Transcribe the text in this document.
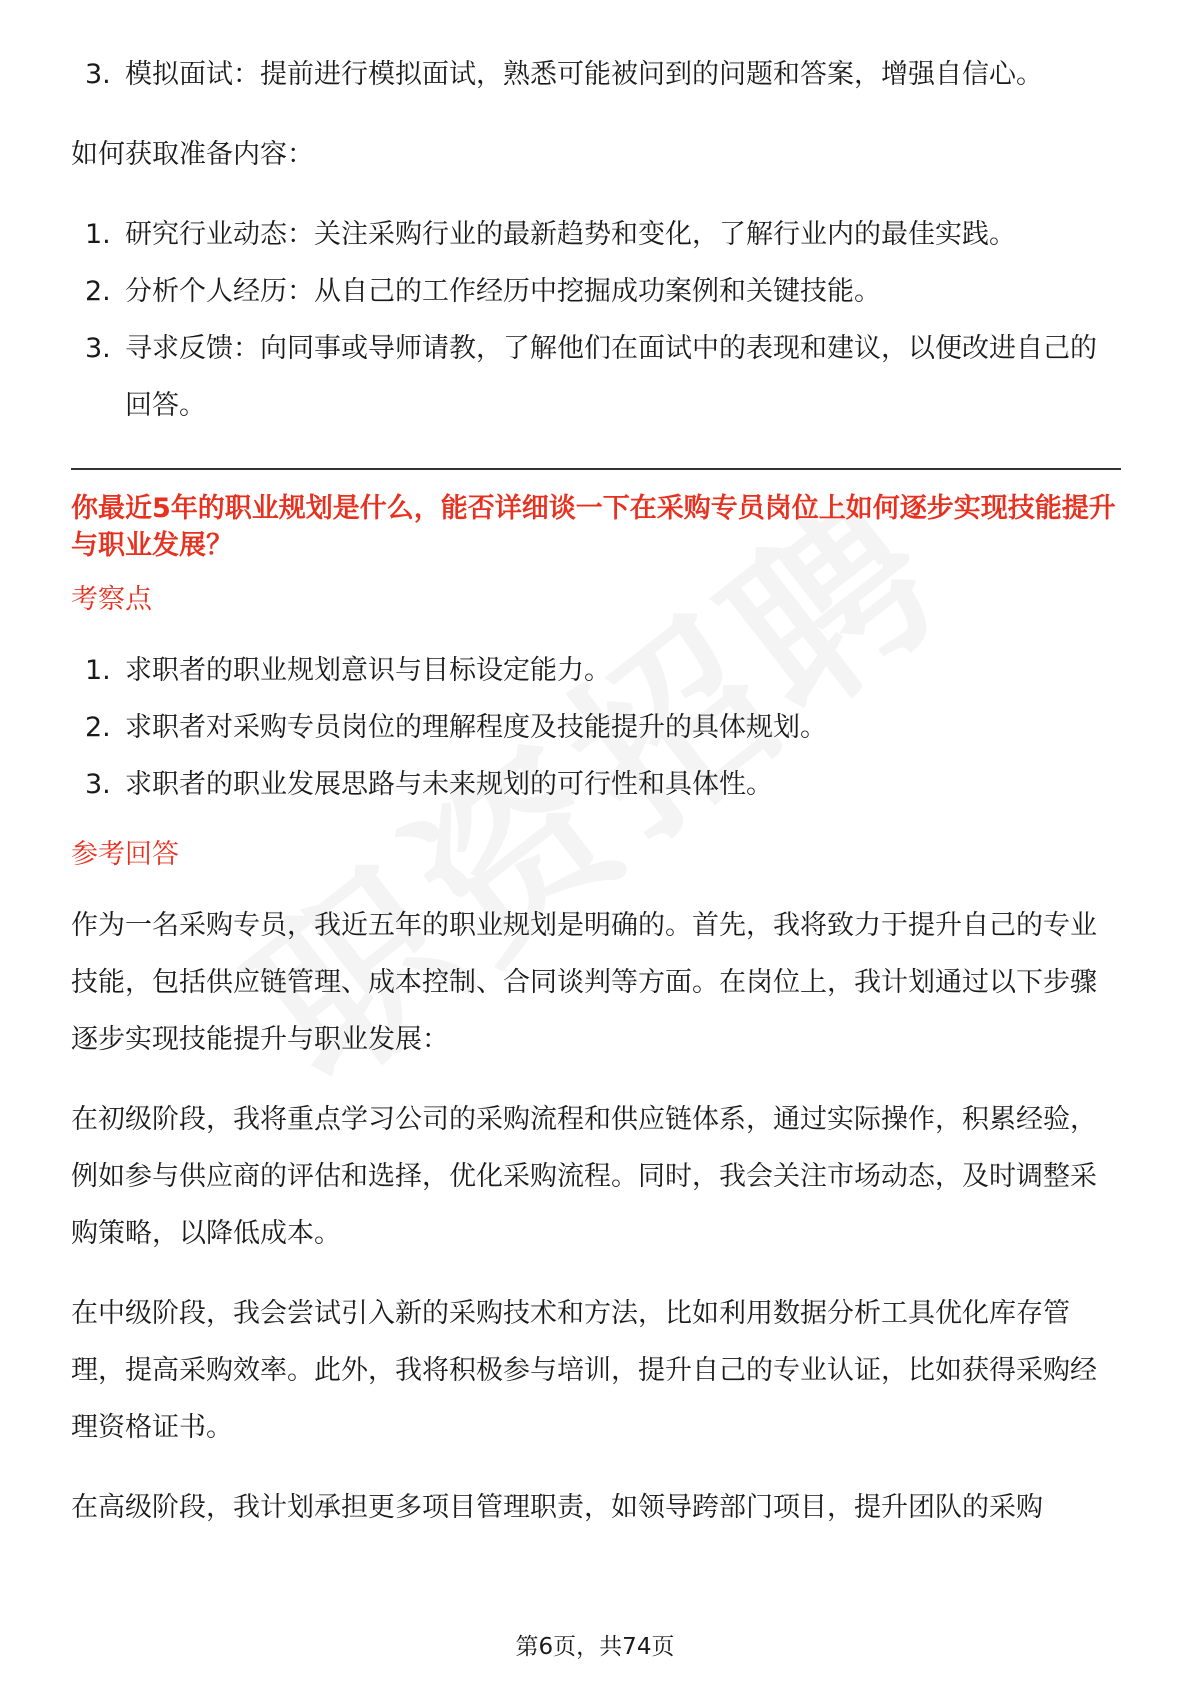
3. 模拟面试：提前进行模拟面试，熟悉可能被问到的问题和答案，增强自信心。

如何获取准备内容：

1. 研究行业动态：关注采购行业的最新趋势和变化，了解行业内的最佳实践。
2. 分析个人经历：从自己的工作经历中挖掘成功案例和关键技能。
3. 寻求反馈：向同事或导师请教，了解他们在面试中的表现和建议，以便改进自己的回答。

你最近5年的职业规划是什么，能否详细谈一下在采购专员岗位上如何逐步实现技能提升与职业发展？

考察点

1. 求职者的职业规划意识与目标设定能力。
2. 求职者对采购专员岗位的理解程度及技能提升的具体规划。
3. 求职者的职业发展思路与未来规划的可行性和具体性。

参考回答

作为一名采购专员，我近五年的职业规划是明确的。首先，我将致力于提升自己的专业技能，包括供应链管理、成本控制、合同谈判等方面。在岗位上，我计划通过以下步骤逐步实现技能提升与职业发展：

在初级阶段，我将重点学习公司的采购流程和供应链体系，通过实际操作，积累经验，例如参与供应商的评估和选择，优化采购流程。同时，我会关注市场动态，及时调整采购策略，以降低成本。

在中级阶段，我会尝试引入新的采购技术和方法，比如利用数据分析工具优化库存管理，提高采购效率。此外，我将积极参与培训，提升自己的专业认证，比如获得采购经理资格证书。

在高级阶段，我计划承担更多项目管理职责，如领导跨部门项目，提升团队的采购

第6页，共74页
